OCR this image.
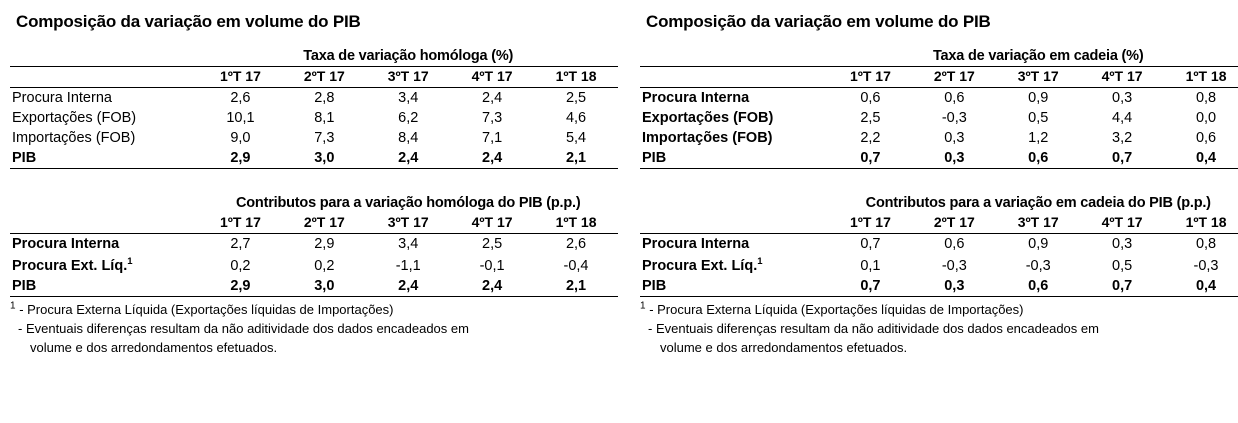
Composição da variação em volume do PIB
	Taxa de variação homóloga (%)				
	1ºT 17	2ºT 17	3ºT 17	4ºT 17	1ºT 18
Procura Interna	2,6	2,8	3,4	2,4	2,5
Exportações (FOB)	10,1	8,1	6,2	7,3	4,6
Importações (FOB)	9,0	7,3	8,4	7,1	5,4
PIB	2,9	3,0	2,4	2,4	2,1
	Contributos para a variação homóloga do PIB (p.p.)				
	1ºT 17	2ºT 17	3ºT 17	4ºT 17	1ºT 18
Procura Interna	2,7	2,9	3,4	2,5	2,6
Procura Ext. Líq.$^1$	0,2	0,2	-1,1	-0,1	-0,4
PIB	2,9	3,0	2,4	2,4	2,1
$^1$ - Procura Externa Líquida (Exportações líquidas de Importações)
- Eventuais diferenças resultam da não aditividade dos dados encadeados em
volume e dos arredondamentos efetuados.
Composição da variação em volume do PIB
	Taxa de variação em cadeia (%)				
	1ºT 17	2ºT 17	3ºT 17	4ºT 17	1ºT 18
Procura Interna	0,6	0,6	0,9	0,3	0,8
Exportações (FOB)	2,5	-0,3	0,5	4,4	0,0
Importações (FOB)	2,2	0,3	1,2	3,2	0,6
PIB	0,7	0,3	0,6	0,7	0,4
	Contributos para a variação em cadeia do PIB (p.p.)				
	1ºT 17	2ºT 17	3ºT 17	4ºT 17	1ºT 18
Procura Interna	0,7	0,6	0,9	0,3	0,8
Procura Ext. Líq.$^1$	0,1	-0,3	-0,3	0,5	-0,3
PIB	0,7	0,3	0,6	0,7	0,4
$^1$ - Procura Externa Líquida (Exportações líquidas de Importações)
- Eventuais diferenças resultam da não aditividade dos dados encadeados em
volume e dos arredondamentos efetuados.
